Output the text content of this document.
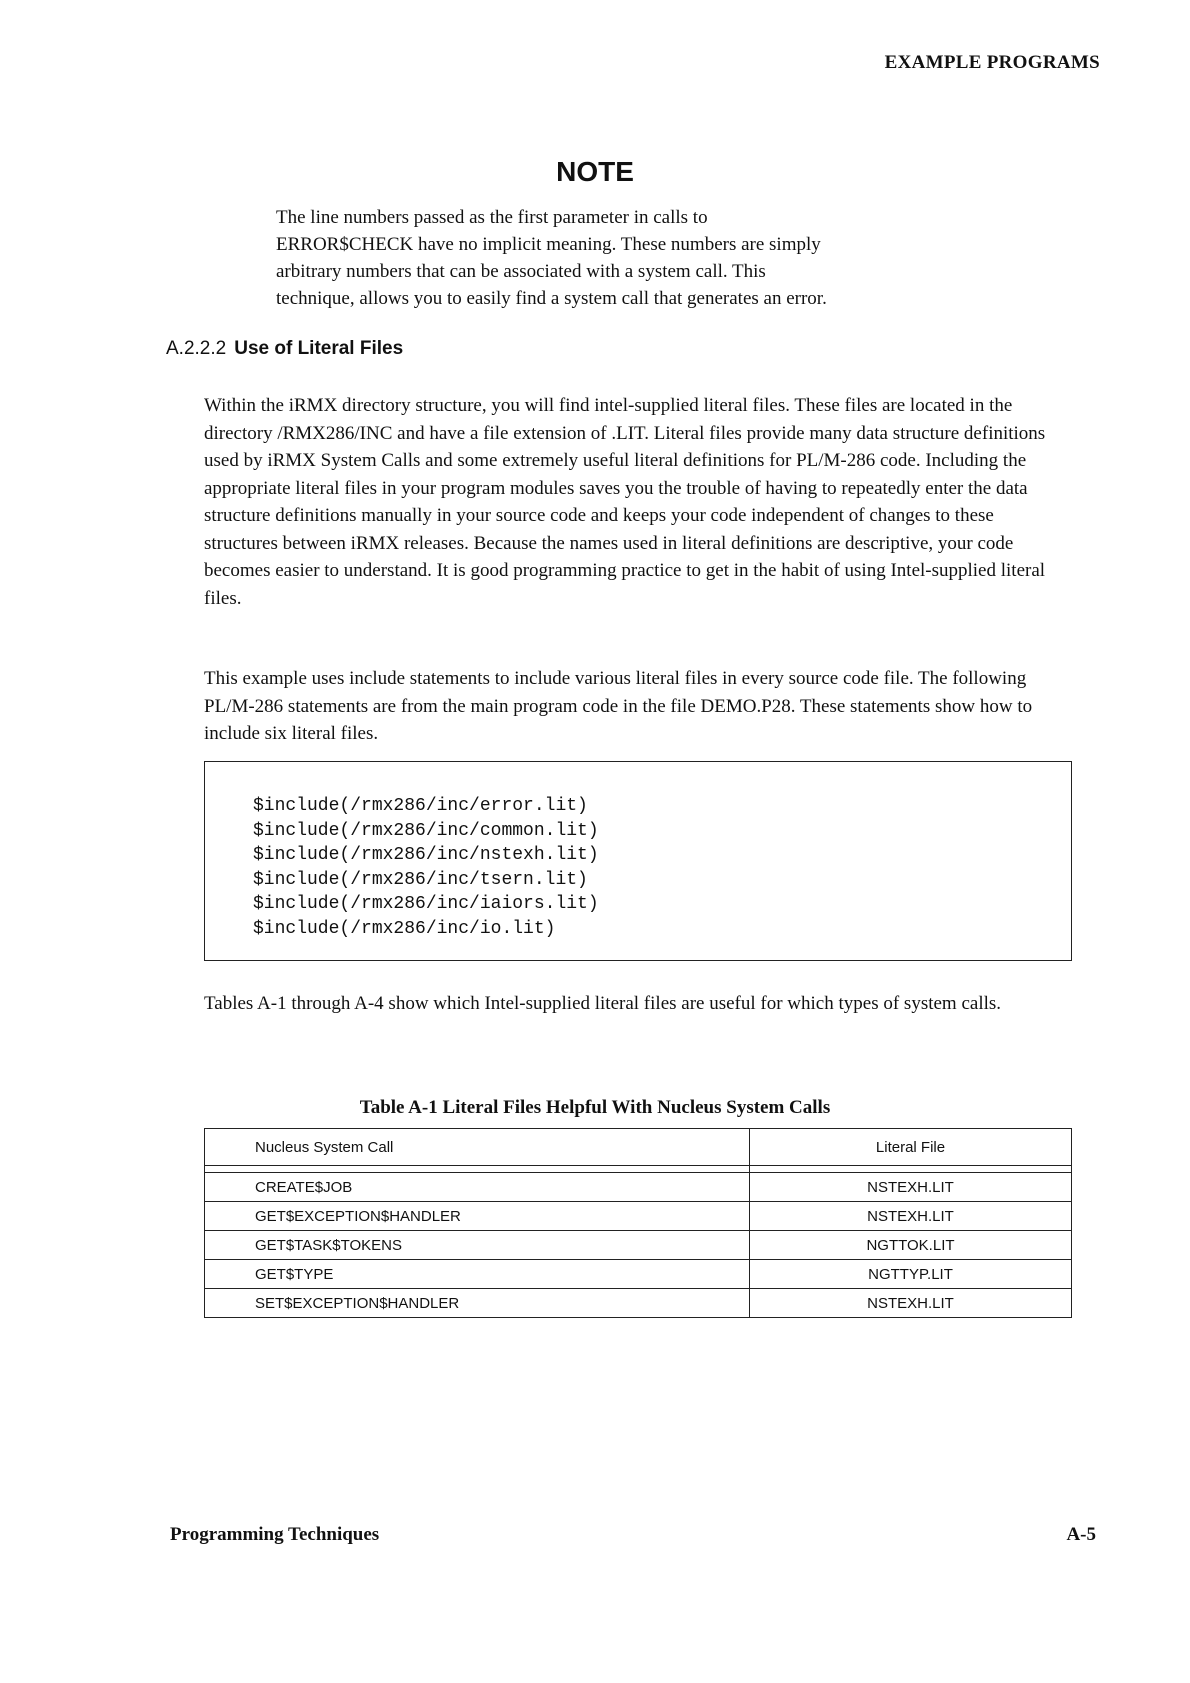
EXAMPLE PROGRAMS
NOTE
The line numbers passed as the first parameter in calls to
ERROR$CHECK have no implicit meaning. These numbers are simply
arbitrary numbers that can be associated with a system call. This
technique, allows you to easily find a system call that generates an error.
A.2.2.2 Use of Literal Files

Within the iRMX directory structure, you will find intel-supplied literal files. These files are located in the directory /RMX286/INC and have a file extension of .LIT. Literal files provide many data structure definitions used by iRMX System Calls and some extremely useful literal definitions for PL/M-286 code. Including the appropriate literal files in your program modules saves you the trouble of having to repeatedly enter the data structure definitions manually in your source code and keeps your code independent of changes to these structures between iRMX releases. Because the names used in literal definitions are descriptive, your code becomes easier to understand. It is good programming practice to get in the habit of using Intel-supplied literal files.

This example uses include statements to include various literal files in every source code file. The following PL/M-286 statements are from the main program code in the file DEMO.P28. These statements show how to include six literal files.

$include(/rmx286/inc/error.lit)
$include(/rmx286/inc/common.lit)
$include(/rmx286/inc/nstexh.lit)
$include(/rmx286/inc/tsern.lit)
$include(/rmx286/inc/iaiors.lit)
$include(/rmx286/inc/io.lit)

Tables A-1 through A-4 show which Intel-supplied literal files are useful for which types of system calls.

Table A-1 Literal Files Helpful With Nucleus System Calls
Nucleus System Call	Literal File

CREATE$JOB	NSTEXH.LIT
GET$EXCEPTION$HANDLER	NSTEXH.LIT
GET$TASK$TOKENS	NGTTOK.LIT
GET$TYPE	NGTTYP.LIT
SET$EXCEPTION$HANDLER	NSTEXH.LIT
Programming Techniques	A-5
